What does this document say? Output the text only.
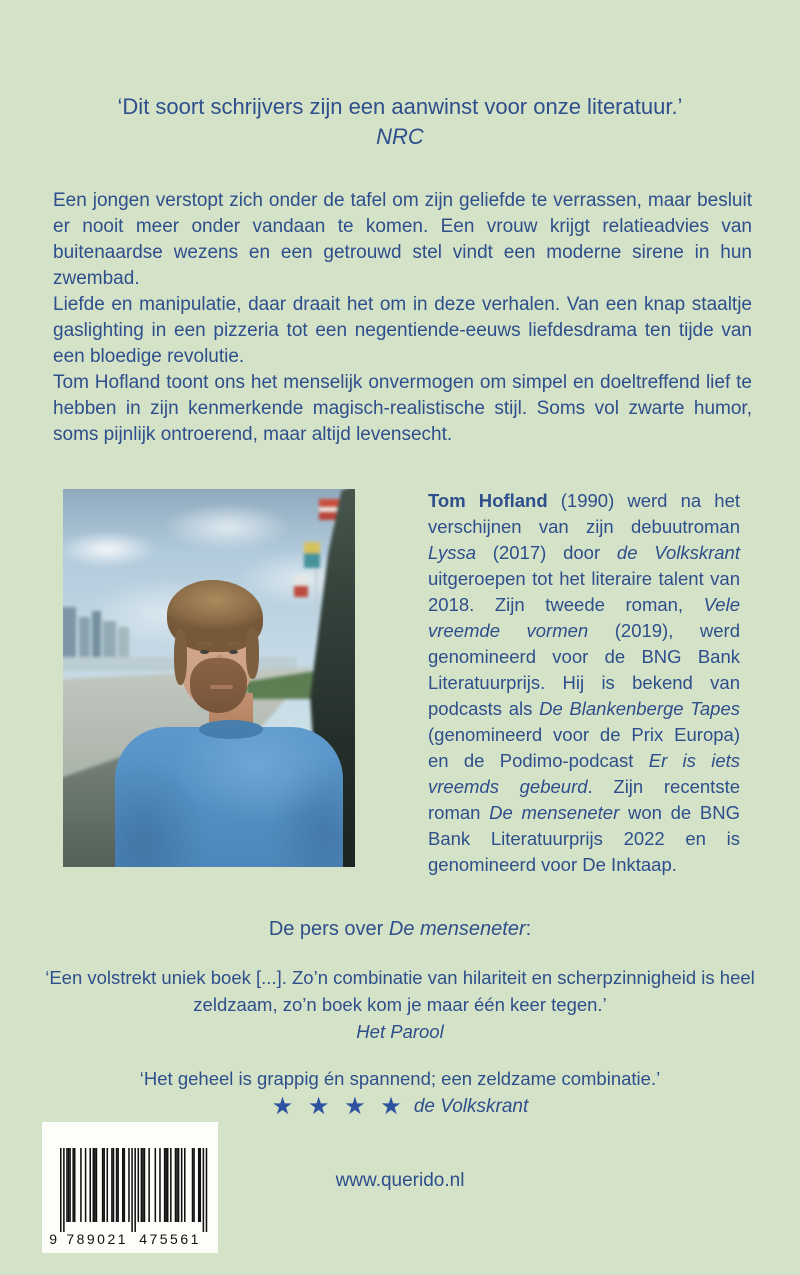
‘Dit soort schrijvers zijn een aanwinst voor onze literatuur.’
NRC

Een jongen verstopt zich onder de tafel om zijn geliefde te verrassen, maar besluit er nooit meer onder vandaan te komen. Een vrouw krijgt relatieadvies van buitenaardse wezens en een getrouwd stel vindt een moderne sirene in hun zwembad.

Liefde en manipulatie, daar draait het om in deze verhalen. Van een knap staaltje gaslighting in een pizzeria tot een negentiende-eeuws liefdesdrama ten tijde van een bloedige revolutie.

Tom Hofland toont ons het menselijk onvermogen om simpel en doeltreffend lief te hebben in zijn kenmerkende magisch-realistische stijl. Soms vol zwarte humor, soms pijnlijk ontroerend, maar altijd levensecht.

Tom Hofland (1990) werd na het verschijnen van zijn debuutroman Lyssa (2017) door de Volkskrant uitgeroepen tot het literaire talent van 2018. Zijn tweede roman, Vele vreemde vormen (2019), werd genomineerd voor de BNG Bank Literatuurprijs. Hij is bekend van podcasts als De Blankenberge Tapes (genomineerd voor de Prix Europa) en de Podimo-podcast Er is iets vreemds gebeurd. Zijn recentste roman De menseneter won de BNG Bank Literatuurprijs 2022 en is genomineerd voor De Inktaap.
De pers over De menseneter:
‘Een volstrekt uniek boek [...]. Zo’n combinatie van hilariteit en scherpzinnigheid is heel zeldzaam, zo’n boek kom je maar één keer tegen.’
Het Parool
‘Het geheel is grappig én spannend; een zeldzame combinatie.’
★ ★ ★ ★ de Volkskrant
www.querido.nl
9 789021 475561
